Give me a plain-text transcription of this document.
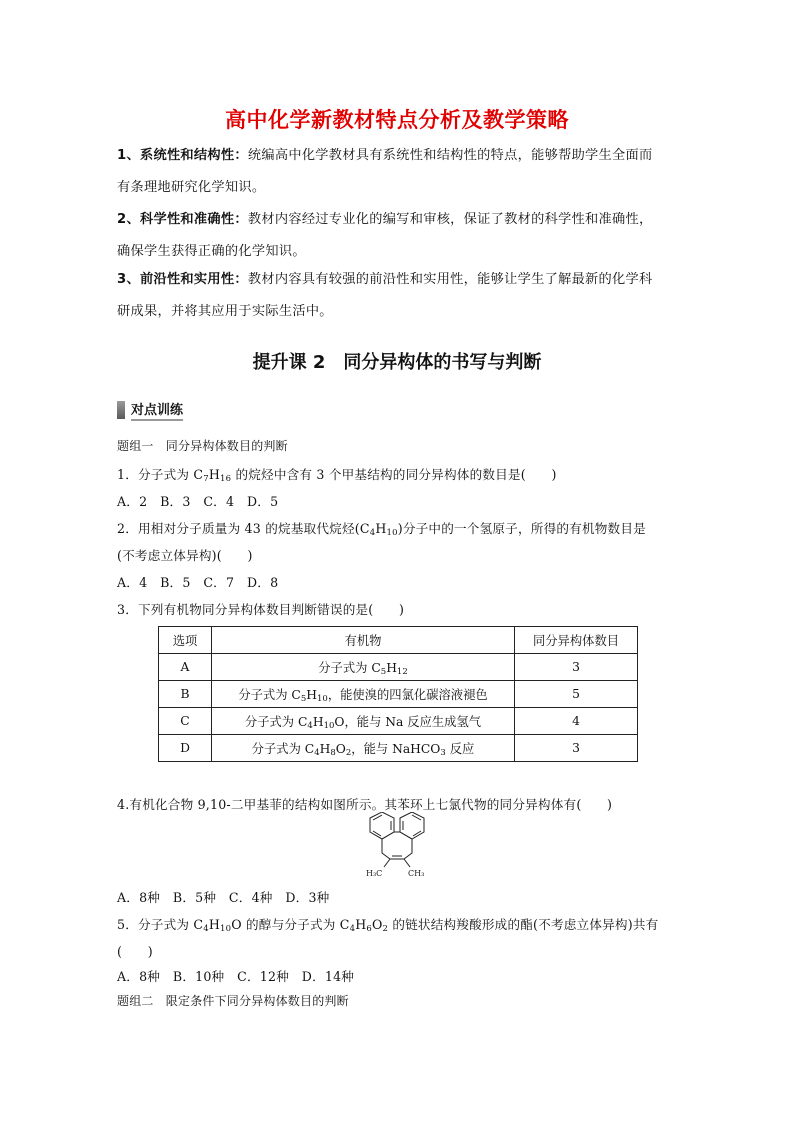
高中化学新教材特点分析及教学策略
1、系统性和结构性：统编高中化学教材具有系统性和结构性的特点，能够帮助学生全面而
有条理地研究化学知识。
2、科学性和准确性：教材内容经过专业化的编写和审核，保证了教材的科学性和准确性，
确保学生获得正确的化学知识。
3、前沿性和实用性：教材内容具有较强的前沿性和实用性，能够让学生了解最新的化学科
研成果，并将其应用于实际生活中。
提升课 2　同分异构体的书写与判断
对点训练
题组一　同分异构体数目的判断
1．分子式为 $C_7H_{16}$ 的烷烃中含有 3 个甲基结构的同分异构体的数目是(　　)
A．2　B．3　C．4　D．5
2．用相对分子质量为 43 的烷基取代烷烃$(C_4H_{10})$分子中的一个氢原子，所得的有机物数目是
(不考虑立体异构)(　　)
A．4　B．5　C．7　D．8
3．下列有机物同分异构体数目判断错误的是(　　)
选项	有机物	同分异构体数目
A	分子式为 $C_5H_{12}$	3
B	分子式为 $C_5H_{10}$，能使溴的四氯化碳溶液褪色	5
C	分子式为 $C_4H_{10}O$，能与 Na 反应生成氢气	4
D	分子式为 $C_4H_8O_2$，能与 NaHCO$_3$ 反应	3
4.有机化合物 9,10-二甲基菲的结构如图所示。其苯环上七氯代物的同分异构体有(　　)
H₃C	CH₃
A．8种　B．5种　C．4种　D．3种
5．分子式为 $C_4H_{10}O$ 的醇与分子式为 $C_4H_6O_2$ 的链状结构羧酸形成的酯(不考虑立体异构)共有
(　　)
A．8种　B．10种　C．12种　D．14种
题组二　限定条件下同分异构体数目的判断
